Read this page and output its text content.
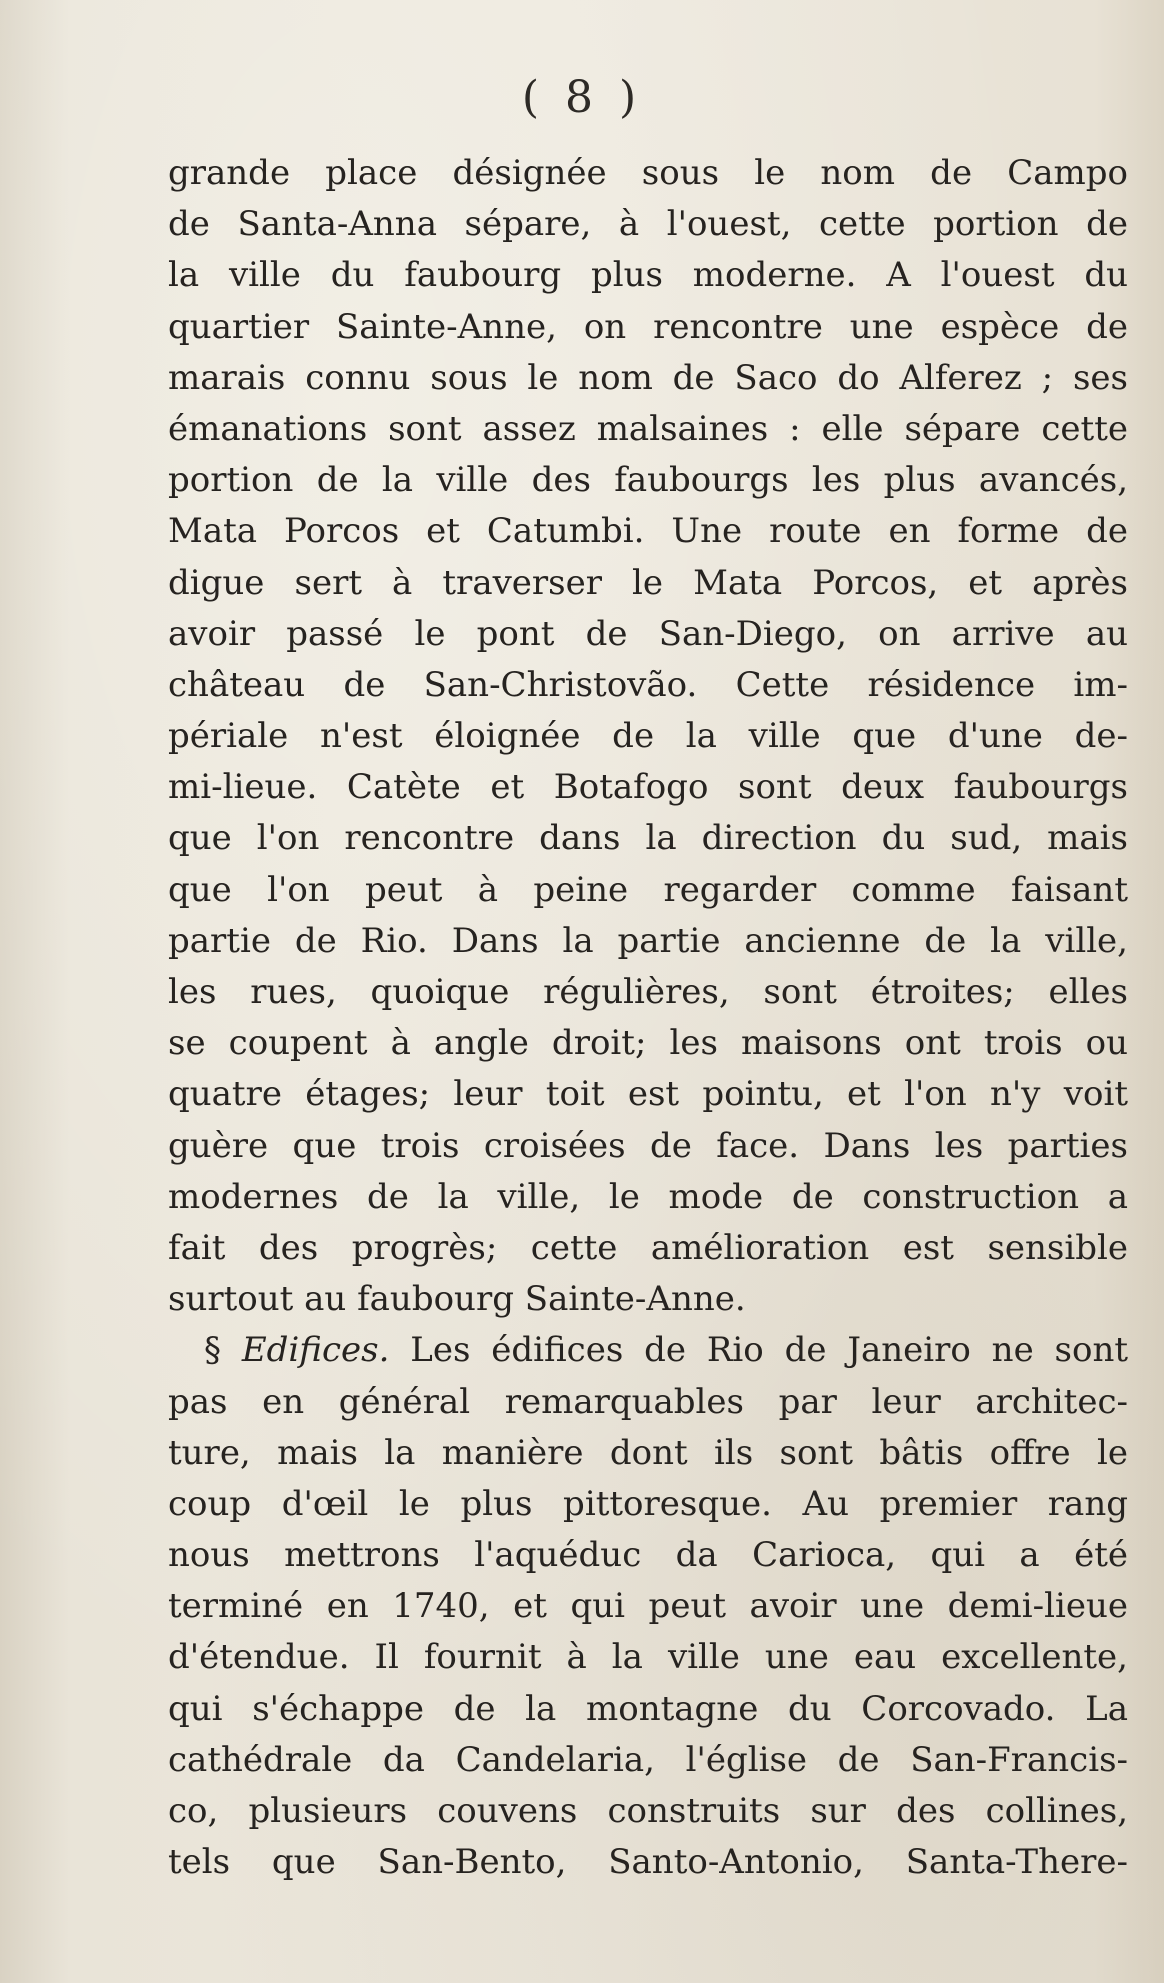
( 8 )
grande place désignée sous le nom de Campo
de Santa-Anna sépare, à l'ouest, cette portion de
la ville du faubourg plus moderne. A l'ouest du
quartier Sainte-Anne, on rencontre une espèce de
marais connu sous le nom de Saco do Alferez ; ses
émanations sont assez malsaines : elle sépare cette
portion de la ville des faubourgs les plus avancés,
Mata Porcos et Catumbi. Une route en forme de
digue sert à traverser le Mata Porcos, et après
avoir passé le pont de San-Diego, on arrive au
château de San-Christovão. Cette résidence im-
périale n'est éloignée de la ville que d'une de-
mi-lieue. Catète et Botafogo sont deux faubourgs
que l'on rencontre dans la direction du sud, mais
que l'on peut à peine regarder comme faisant
partie de Rio. Dans la partie ancienne de la ville,
les rues, quoique régulières, sont étroites; elles
se coupent à angle droit; les maisons ont trois ou
quatre étages; leur toit est pointu, et l'on n'y voit
guère que trois croisées de face. Dans les parties
modernes de la ville, le mode de construction a
fait des progrès; cette amélioration est sensible
surtout au faubourg Sainte-Anne.
§ Edifices. Les édifices de Rio de Janeiro ne sont
pas en général remarquables par leur architec-
ture, mais la manière dont ils sont bâtis offre le
coup d'œil le plus pittoresque. Au premier rang
nous mettrons l'aquéduc da Carioca, qui a été
terminé en 1740, et qui peut avoir une demi-lieue
d'étendue. Il fournit à la ville une eau excellente,
qui s'échappe de la montagne du Corcovado. La
cathédrale da Candelaria, l'église de San-Francis-
co, plusieurs couvens construits sur des collines,
tels que San-Bento, Santo-Antonio, Santa-There-
